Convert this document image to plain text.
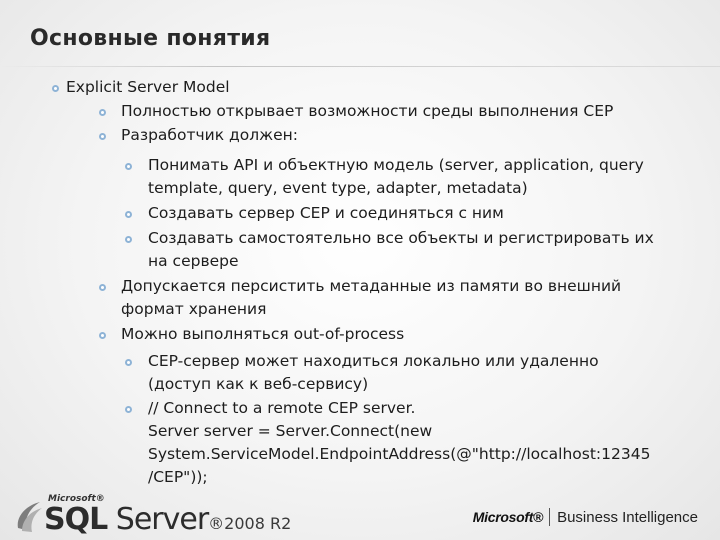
Основные понятия
Explicit Server Model
Полностью открывает возможности среды выполнения CEP
Разработчик должен:
Понимать API и объектную модель (server, application, query
template, query, event type, adapter, metadata)
Создавать сервер CEP и соединяться с ним
Создавать самостоятельно все объекты и регистрировать их
на сервере
Допускается персистить метаданные из памяти во внешний
формат хранения
Можно выполняться out-of-process
CEP-сервер может находиться локально или удаленно
(доступ как к веб-сервису)
// Connect to a remote CEP server.
Server server = Server.Connect(new
System.ServiceModel.EndpointAddress(@"http://localhost:12345
/CEP"));
Microsoft®
SQL Server®2008 R2	Microsoft® Business Intelligence
